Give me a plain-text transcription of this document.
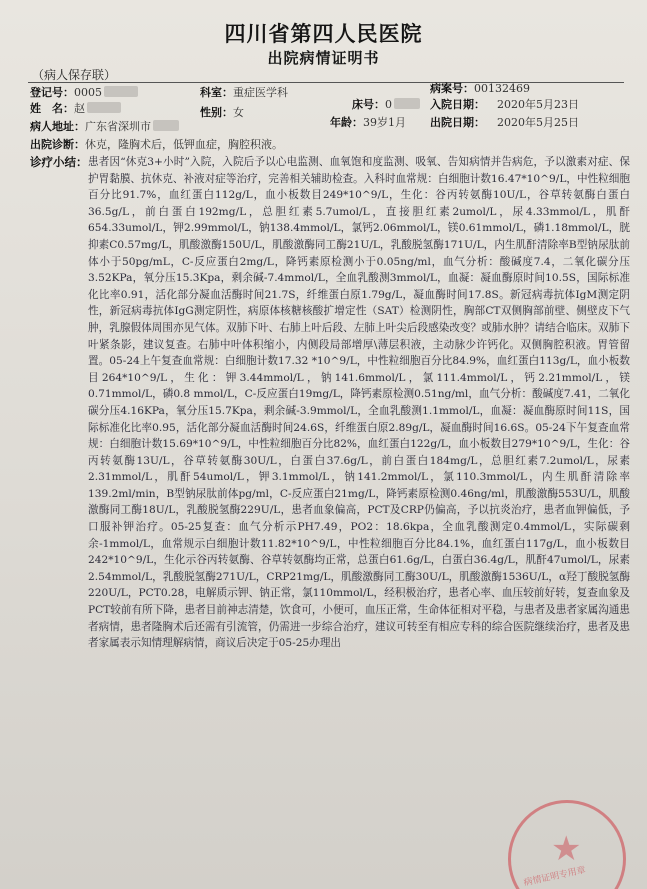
四川省第四人民医院
出院病情证明书
（病人保存联）
登记号：0005	科室：重症医学科
床号：0
病案号：00132469
姓　名：赵	性别：女
入院日期： 2020年5月23日
病人地址：广东省深圳市	年龄：39岁1月 出院日期： 2020年5月25日
出院诊断：休克，隆胸术后，低钾血症，胸腔积液。
诊疗小结： 患者因“休克3+小时”入院，入院后予以心电监测、血氧饱和度监测、吸氧、告知病情并告病危，予以激素对症、保护胃黏膜、抗休克、补液对症等治疗，完善相关辅助检查。入科时血常规：白细胞计数16.47*10^9/L，中性粒细胞百分比91.7%，血红蛋白112g/L，血小板数目249*10^9/L，生化：谷丙转氨酶10U/L，谷草转氨酶白蛋白36.5g/L，前白蛋白192mg/L，总胆红素5.7umol/L，直接胆红素2umol/L，尿4.33mmol/L，肌酐654.33umol/L，钾2.99mmol/L，钠138.4mmol/L，氯钙2.06mmol/L，镁0.61mmol/L，磷1.18mmol/L，胱抑素C0.57mg/L，肌酸激酶150U/L，肌酸激酶同工酶21U/L，乳酸脱氢酶171U/L，内生肌酐清除率B型钠尿肽前体小于50pg/mL，C-反应蛋白2mg/L，降钙素原检测小于0.05ng/ml，血气分析：酸碱度7.4，二氧化碳分压3.52KPa，氧分压15.3Kpa，剩余碱-7.4mmol/L，全血乳酸测3mmol/L，血凝：凝血酶原时间10.5S，国际标准化比率0.91，活化部分凝血活酶时间21.7S，纤维蛋白原1.79g/L，凝血酶时间17.8S。新冠病毒抗体IgM测定阴性，新冠病毒抗体IgG测定阴性，病原体核糖核酸扩增定性（SAT）检测阴性，胸部CT双侧胸部前壁、侧壁皮下气肿，乳腺假体周围亦见气体。双肺下叶、右肺上叶后段、左肺上叶尖后段感染改变？或肺水肿？请结合临床。双肺下叶紧条影，建议复查。右肺中叶体积缩小，内侧段局部增厚\薄层积液，主动脉少许钙化。双侧胸腔积液。胃管留置。05-24上午复查血常规：白细胞计数17.32 *10^9/L，中性粒细胞百分比84.9%，血红蛋白113g/L，血小板数目264*10^9/L，生化：钾3.44mmol/L，钠141.6mmol/L，氯111.4mmol/L，钙2.21mmol/L，镁0.71mmol/L，磷0.8 mmol/L，C-反应蛋白19mg/L，降钙素原检测0.51ng/ml，血气分析：酸碱度7.41，二氧化碳分压4.16KPa，氧分压15.7Kpa，剩余碱-3.9mmol/L，全血乳酸测1.1mmol/L，血凝：凝血酶原时间11S，国际标准化比率0.95，活化部分凝血活酶时间24.6S，纤维蛋白原2.89g/L，凝血酶时间16.6S。05-24下午复查血常规：白细胞计数15.69*10^9/L，中性粒细胞百分比82%，血红蛋白122g/L，血小板数目279*10^9/L，生化：谷丙转氨酶13U/L，谷草转氨酶30U/L，白蛋白37.6g/L，前白蛋白184mg/L，总胆红素7.2umol/L，尿素2.31mmol/L，肌酐54umol/L，钾3.1mmol/L，钠141.2mmol/L，氯110.3mmol/L，内生肌酐清除率139.2ml/min，B型钠尿肽前体pg/ml，C-反应蛋白21mg/L，降钙素原检测0.46ng/ml，肌酸激酶553U/L，肌酸激酶同工酶18U/L，乳酸脱氢酶229U/L，患者血象偏高，PCT及CRP仍偏高，予以抗炎治疗，患者血钾偏低，予口服补钾治疗。05-25复查：血气分析示PH7.49，PO2：18.6kpa，全血乳酸测定0.4mmol/L，实际碳剩余-1mmol/L，血常规示白细胞计数11.82*10^9/L，中性粒细胞百分比84.1%，血红蛋白117g/L，血小板数目242*10^9/L，生化示谷丙转氨酶、谷草转氨酶均正常，总蛋白61.6g/L，白蛋白36.4g/L，肌酐47umol/L，尿素2.54mmol/L，乳酸脱氢酶271U/L，CRP21mg/L，肌酸激酶同工酶30U/L，肌酸激酶1536U/L，α羟丁酸脱氢酶220U/L，PCT0.28，电解质示钾、钠正常，氯110mmol/L，经积极治疗，患者心率、血压较前好转，复查血象及PCT较前有所下降，患者目前神志清楚，饮食可，小便可，血压正常，生命体征相对平稳，与患者及患者家属沟通患者病情，患者隆胸术后还需有引流管，仍需进一步综合治疗，建议可转至有相应专科的综合医院继续治疗，患者及患者家属表示知情理解病情，商议后决定于05-25办理出
★
病情证明专用章
